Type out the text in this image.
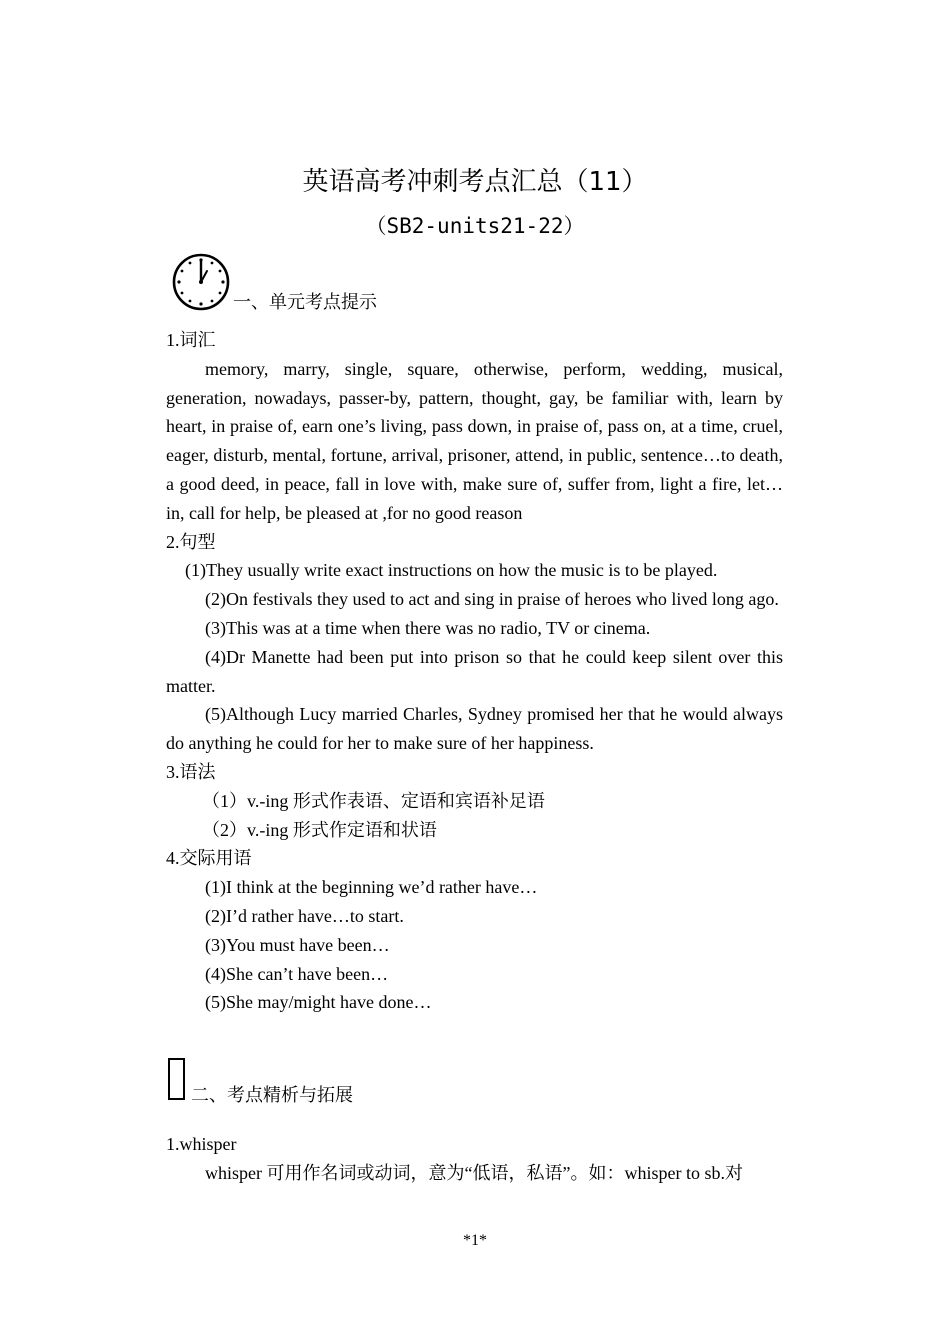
英语高考冲刺考点汇总（11）
（SB2-units21-22）
一、单元考点提示

1.词汇

memory, marry, single, square, otherwise, perform, wedding, musical, generation, nowadays, passer-by, pattern, thought, gay, be familiar with, learn by heart, in praise of, earn one’s living, pass down, in praise of, pass on, at a time, cruel, eager, disturb, mental, fortune, arrival, prisoner, attend, in public, sentence…to death, a good deed, in peace, fall in love with, make sure of, suffer from, light a fire, let…in, call for help, be pleased at ,for no good reason

2.句型

(1)They usually write exact instructions on how the music is to be played.

(2)On festivals they used to act and sing in praise of heroes who lived long ago.

(3)This was at a time when there was no radio, TV or cinema.

(4)Dr Manette had been put into prison so that he could keep silent over this matter.

(5)Although Lucy married Charles, Sydney promised her that he would always do anything he could for her to make sure of her happiness.

3.语法

（1）v.-ing 形式作表语、定语和宾语补足语

（2）v.-ing 形式作定语和状语

4.交际用语

(1)I think at the beginning we’d rather have…

(2)I’d rather have…to start.

(3)You must have been…

(4)She can’t have been…

(5)She may/might have done…

二、考点精析与拓展

1.whisper

whisper 可用作名词或动词，意为“低语，私语”。如：whisper to sb.对

*1*
